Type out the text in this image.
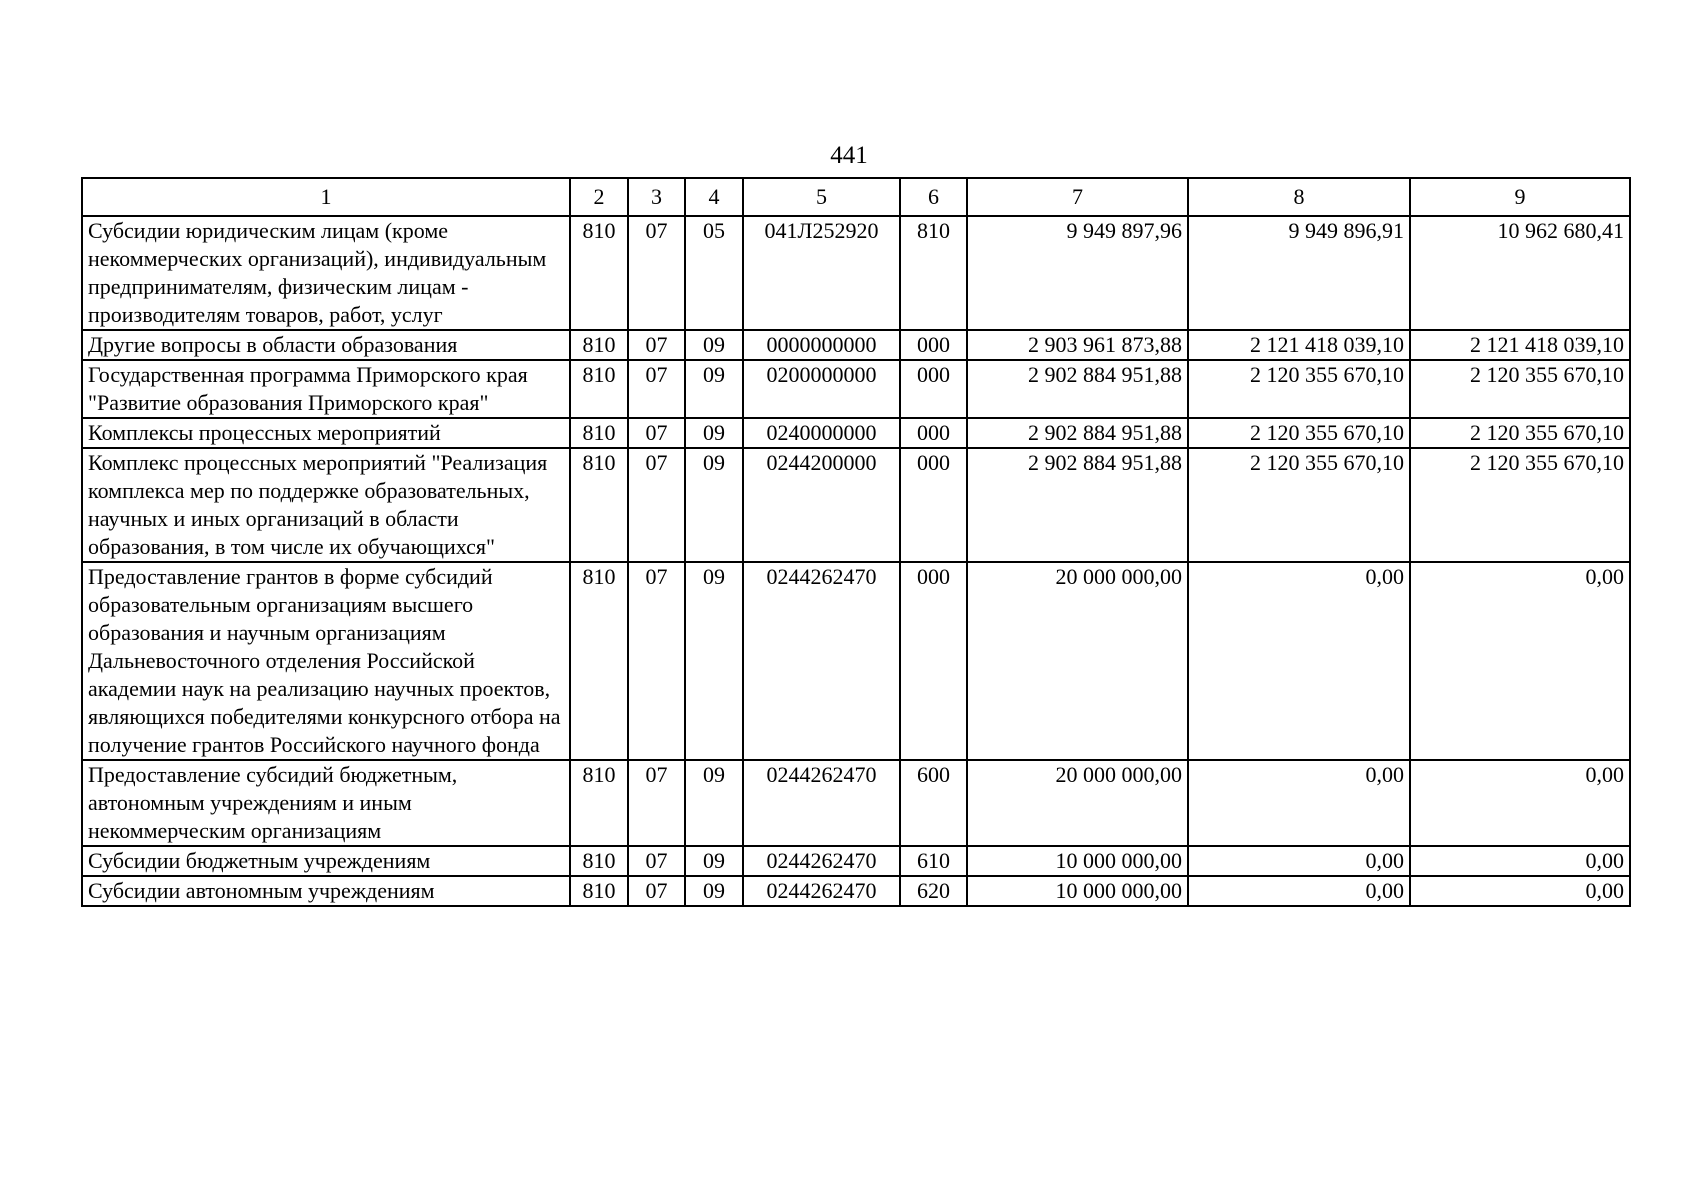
441
1	2	3	4	5	6	7	8	9
Субсидии юридическим лицам (кроме некоммерческих организаций), индивидуальным предпринимателям, физическим лицам - производителям товаров, работ, услуг	810	07	05	041Л252920	810	9 949 897,96	9 949 896,91	10 962 680,41
Другие вопросы в области образования	810	07	09	0000000000	000	2 903 961 873,88	2 121 418 039,10	2 121 418 039,10
Государственная программа Приморского края "Развитие образования Приморского края"	810	07	09	0200000000	000	2 902 884 951,88	2 120 355 670,10	2 120 355 670,10
Комплексы процессных мероприятий	810	07	09	0240000000	000	2 902 884 951,88	2 120 355 670,10	2 120 355 670,10
Комплекс процессных мероприятий "Реализация комплекса мер по поддержке образовательных, научных и иных организаций в области образования, в том числе их обучающихся"	810	07	09	0244200000	000	2 902 884 951,88	2 120 355 670,10	2 120 355 670,10
Предоставление грантов в форме субсидий образовательным организациям высшего образования и научным организациям Дальневосточного отделения Российской академии наук на реализацию научных проектов, являющихся победителями конкурсного отбора на получение грантов Российского научного фонда	810	07	09	0244262470	000	20 000 000,00	0,00	0,00
Предоставление субсидий бюджетным, автономным учреждениям и иным некоммерческим организациям	810	07	09	0244262470	600	20 000 000,00	0,00	0,00
Субсидии бюджетным учреждениям	810	07	09	0244262470	610	10 000 000,00	0,00	0,00
Субсидии автономным учреждениям	810	07	09	0244262470	620	10 000 000,00	0,00	0,00
